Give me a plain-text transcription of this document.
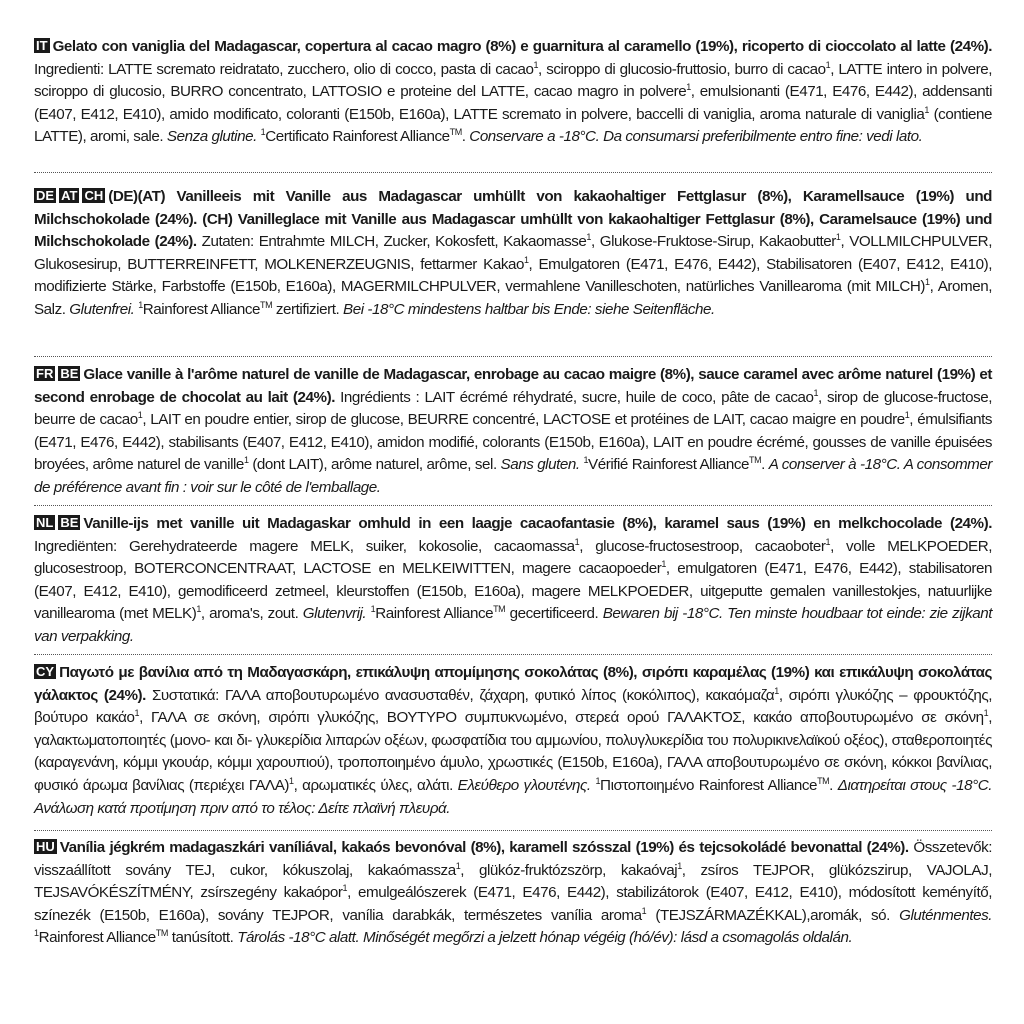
IT Gelato con vaniglia del Madagascar, copertura al cacao magro (8%) e guarnitura al caramello (19%), ricoperto di cioccolato al latte (24%). Ingredienti: LATTE scremato reidratato, zucchero, olio di cocco, pasta di cacao$^1$, sciroppo di glucosio-fruttosio, burro di cacao$^1$, LATTE intero in polvere, sciroppo di glucosio, BURRO concentrato, LATTOSIO e proteine del LATTE, cacao magro in polvere$^1$, emulsionanti (E471, E476, E442), addensanti (E407, E412, E410), amido modificato, coloranti (E150b, E160a), LATTE scremato in polvere, baccelli di vaniglia, aroma naturale di vaniglia$^1$ (contiene LATTE), aromi, sale. Senza glutine. $^1$Certificato Rainforest Alliance™. Conservare a -18°C. Da consumarsi preferibilmente entro fine: vedi lato.
DE AT CH (DE)(AT) Vanilleeis mit Vanille aus Madagascar umhüllt von kakaohaltiger Fettglasur (8%), Karamellsauce (19%) und Milchschokolade (24%). (CH) Vanilleglace mit Vanille aus Madagascar umhüllt von kakaohaltiger Fettglasur (8%), Caramelsauce (19%) und Milchschokolade (24%). Zutaten: Entrahmte MILCH, Zucker, Kokosfett, Kakaomasse$^1$, Glukose-Fruktose-Sirup, Kakaobutter$^1$, VOLLMILCHPULVER, Glukosesirup, BUTTERREINFETT, MOLKENERZEUGNIS, fettarmer Kakao$^1$, Emulgatoren (E471, E476, E442), Stabilisatoren (E407, E412, E410), modifizierte Stärke, Farbstoffe (E150b, E160a), MAGERMILCHPULVER, vermahlene Vanilleschoten, natürliches Vanillearoma (mit MILCH)$^1$, Aromen, Salz. Glutenfrei. $^1$Rainforest Alliance™ zertifiziert. Bei -18°C mindestens haltbar bis Ende: siehe Seitenfläche.
FR BE Glace vanille à l'arôme naturel de vanille de Madagascar, enrobage au cacao maigre (8%), sauce caramel avec arôme naturel (19%) et second enrobage de chocolat au lait (24%). Ingrédients : LAIT écrémé réhydraté, sucre, huile de coco, pâte de cacao$^1$, sirop de glucose-fructose, beurre de cacao$^1$, LAIT en poudre entier, sirop de glucose, BEURRE concentré, LACTOSE et protéines de LAIT, cacao maigre en poudre$^1$, émulsifiants (E471, E476, E442), stabilisants (E407, E412, E410), amidon modifié, colorants (E150b, E160a), LAIT en poudre écrémé, gousses de vanille épuisées broyées, arôme naturel de vanille$^1$ (dont LAIT), arôme naturel, arôme, sel. Sans gluten. $^1$Vérifié Rainforest Alliance™. A conserver à -18°C. A consommer de préférence avant fin : voir sur le côté de l'emballage.
NL BE Vanille-ijs met vanille uit Madagaskar omhuld in een laagje cacaofantasie (8%), karamel saus (19%) en melkchocolade (24%). Ingrediënten: Gerehydrateerde magere MELK, suiker, kokosolie, cacaomassa$^1$, glucose-fructosestroop, cacaoboter$^1$, volle MELKPOEDER, glucosestroop, BOTERCONCENTRAAT, LACTOSE en MELKEIWITTEN, magere cacaopoeder$^1$, emulgatoren (E471, E476, E442), stabilisatoren (E407, E412, E410), gemodificeerd zetmeel, kleurstoffen (E150b, E160a), magere MELKPOEDER, uitgeputte gemalen vanillestokjes, natuurlijke vanillearoma (met MELK)$^1$, aroma's, zout. Glutenvrij. $^1$Rainforest Alliance™ gecertificeerd. Bewaren bij -18°C. Ten minste houdbaar tot einde: zie zijkant van verpakking.
CY Παγωτό με βανίλια από τη Μαδαγασκάρη, επικάλυψη απομίμησης σοκολάτας (8%), σιρόπι καραμέλας (19%) και επικάλυψη σοκολάτας γάλακτος (24%). Συστατικά: ΓΑΛΑ αποβουτυρωμένο ανασυσταθέν, ζάχαρη, φυτικό λίπος (κοκόλιπος), κακαόμαζα$^1$, σιρόπι γλυκόζης – φρουκτόζης, βούτυρο κακάο$^1$, ΓΑΛΑ σε σκόνη, σιρόπι γλυκόζης, ΒΟΥΤΥΡΟ συμπυκνωμένο, στερεά ορού ΓΑΛΑΚΤΟΣ, κακάο αποβουτυρωμένο σε σκόνη$^1$, γαλακτωματοποιητές (μονο- και δι- γλυκερίδια λιπαρών οξέων, φωσφατίδια του αμμωνίου, πολυγλυκερίδια του πολυρικινελαϊκού οξέος), σταθεροποιητές (καραγενάνη, κόμμι γκουάρ, κόμμι χαρουπιού), τροποποιημένο άμυλο, χρωστικές (E150b, E160a), ΓΑΛΑ αποβουτυρωμένο σε σκόνη, κόκκοι βανίλιας, φυσικό άρωμα βανίλιας (περιέχει ΓΑΛΑ)$^1$, αρωματικές ύλες, αλάτι. Ελεύθερο γλουτένης. $^1$Πιστοποιημένο Rainforest Alliance™. Διατηρείται στους -18°C. Ανάλωση κατά προτίμηση πριν από το τέλος: Δείτε πλαϊνή πλευρά.
HU Vanília jégkrém madagaszkári vaníliával, kakaós bevonóval (8%), karamell szósszal (19%) és tejcsokoládé bevonattal (24%). Összetevők: visszaállított sovány TEJ, cukor, kókuszolaj, kakaómassza$^1$, glükóz-fruktózszörp, kakaóvaj$^1$, zsíros TEJPOR, glükózszirup, VAJOLAJ, TEJSAVÓKÉSZÍTMÉNY, zsírszegény kakaópor$^1$, emulgeálószerek (E471, E476, E442), stabilizátorok (E407, E412, E410), módosított keményítő, színezék (E150b, E160a), sovány TEJPOR, vanília darabkák, természetes vanília aroma$^1$ (TEJSZÁRMAZÉKKAL),aromák, só. Gluténmentes. $^1$Rainforest Alliance™ tanúsított. Tárolás -18°C alatt. Minőségét megőrzi a jelzett hónap végéig (hó/év): lásd a csomagolás oldalán.
